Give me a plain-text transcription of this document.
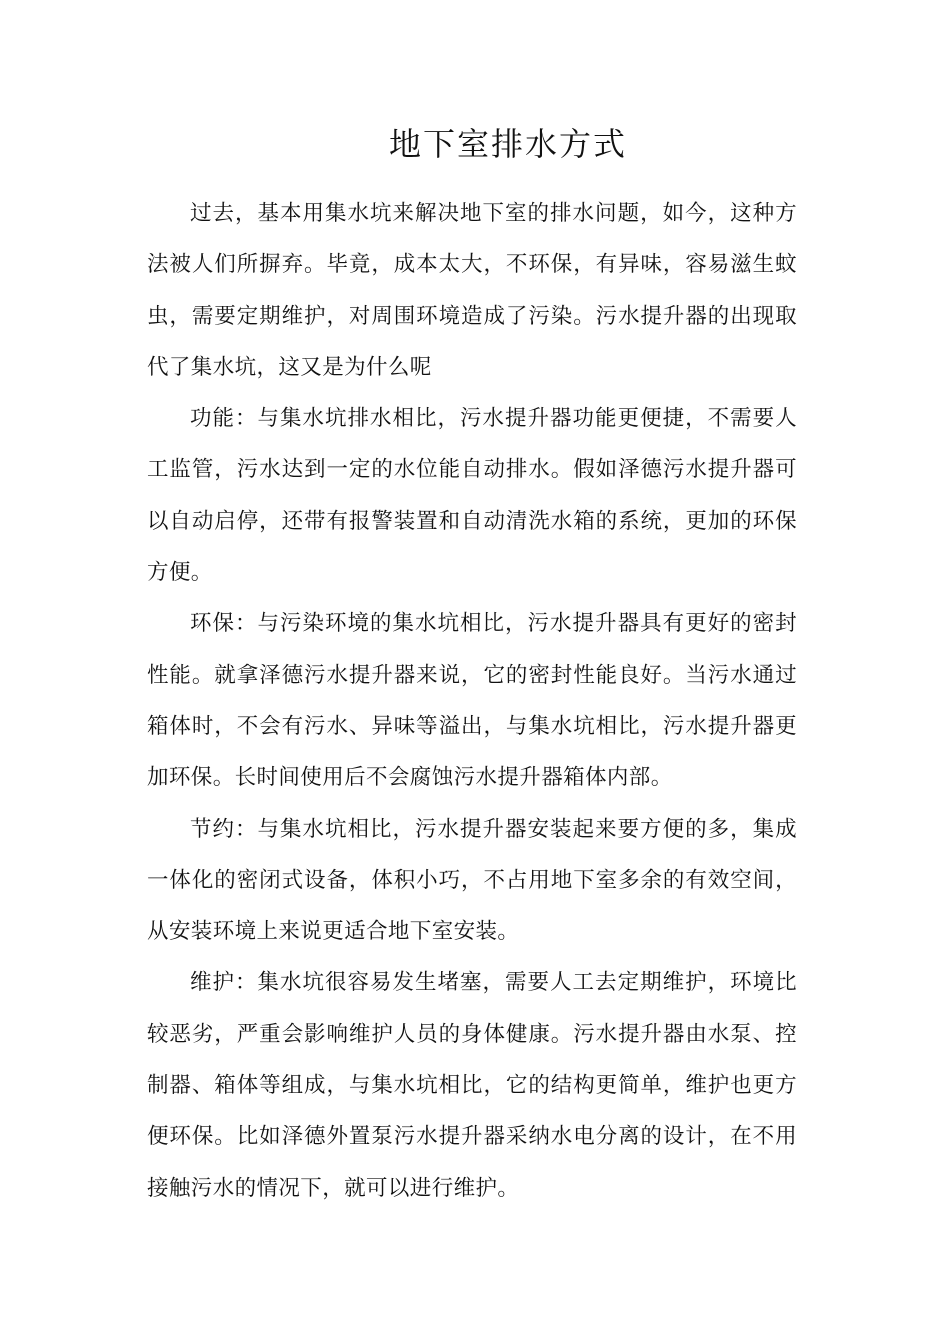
地下室排水方式

过去，基本用集水坑来解决地下室的排水问题，如今，这种方法被人们所摒弃。毕竟，成本太大，不环保，有异味，容易滋生蚊虫，需要定期维护，对周围环境造成了污染。污水提升器的出现取代了集水坑，这又是为什么呢

功能：与集水坑排水相比，污水提升器功能更便捷，不需要人工监管，污水达到一定的水位能自动排水。假如泽德污水提升器可以自动启停，还带有报警装置和自动清洗水箱的系统，更加的环保方便。

环保：与污染环境的集水坑相比，污水提升器具有更好的密封性能。就拿泽德污水提升器来说，它的密封性能良好。当污水通过箱体时，不会有污水、异味等溢出，与集水坑相比，污水提升器更加环保。长时间使用后不会腐蚀污水提升器箱体内部。

节约：与集水坑相比，污水提升器安装起来要方便的多，集成一体化的密闭式设备，体积小巧，不占用地下室多余的有效空间，从安装环境上来说更适合地下室安装。

维护：集水坑很容易发生堵塞，需要人工去定期维护，环境比较恶劣，严重会影响维护人员的身体健康。污水提升器由水泵、控制器、箱体等组成，与集水坑相比，它的结构更简单，维护也更方便环保。比如泽德外置泵污水提升器采纳水电分离的设计，在不用接触污水的情况下，就可以进行维护。
